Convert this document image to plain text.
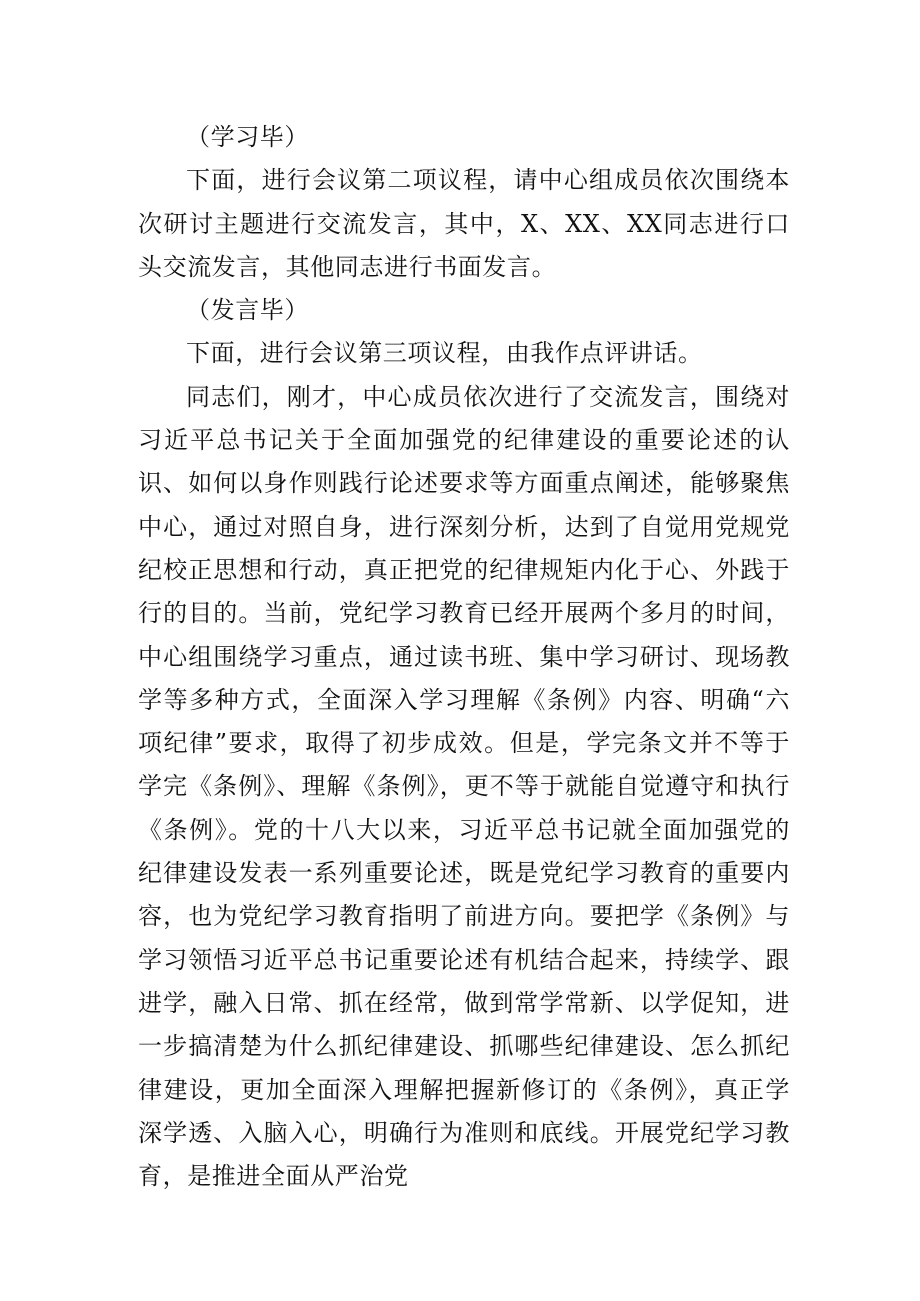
（学习毕）

下面，进行会议第二项议程，请中心组成员依次围绕本次研讨主题进行交流发言，其中，X、XX、XX同志进行口头交流发言，其他同志进行书面发言。

（发言毕）

下面，进行会议第三项议程，由我作点评讲话。

同志们，刚才，中心成员依次进行了交流发言，围绕对习近平总书记关于全面加强党的纪律建设的重要论述的认识、如何以身作则践行论述要求等方面重点阐述，能够聚焦中心，通过对照自身，进行深刻分析，达到了自觉用党规党纪校正思想和行动，真正把党的纪律规矩内化于心、外践于行的目的。当前，党纪学习教育已经开展两个多月的时间，中心组围绕学习重点，通过读书班、集中学习研讨、现场教学等多种方式，全面深入学习理解《条例》内容、明确“六项纪律”要求，取得了初步成效。但是，学完条文并不等于学完《条例》、理解《条例》，更不等于就能自觉遵守和执行《条例》。党的十八大以来，习近平总书记就全面加强党的纪律建设发表一系列重要论述，既是党纪学习教育的重要内容，也为党纪学习教育指明了前进方向。要把学《条例》与学习领悟习近平总书记重要论述有机结合起来，持续学、跟进学，融入日常、抓在经常，做到常学常新、以学促知，进一步搞清楚为什么抓纪律建设、抓哪些纪律建设、怎么抓纪律建设，更加全面深入理解把握新修订的《条例》，真正学深学透、入脑入心，明确行为准则和底线。开展党纪学习教育，是推进全面从严治党
